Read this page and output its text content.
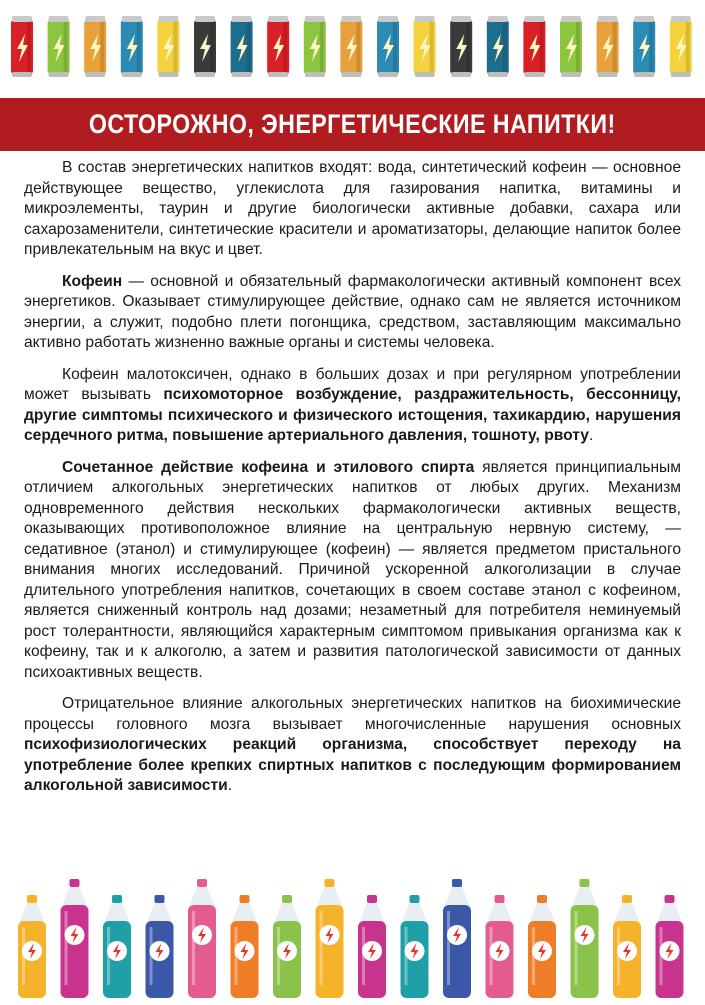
ОСТОРОЖНО, ЭНЕРГЕТИЧЕСКИЕ НАПИТКИ!

В состав энергетических напитков входят: вода, синтетический кофеин — основное действующее вещество, углекислота для газирования напитка, витамины и микроэлементы, таурин и другие биологически активные добавки, сахара или сахарозаменители, синтетические красители и ароматизаторы, делающие напиток более привлекательным на вкус и цвет.

Кофеин — основной и обязательный фармакологически активный компонент всех энергетиков. Оказывает стимулирующее действие, однако сам не является источником энергии, а служит, подобно плети погонщика, средством, заставляющим максимально активно работать жизненно важные органы и системы человека.

Кофеин малотоксичен, однако в больших дозах и при регулярном употреблении может вызывать психомоторное возбуждение, раздражительность, бессонницу, другие симптомы психического и физического истощения, тахикардию, нарушения сердечного ритма, повышение артериального давления, тошноту, рвоту.

Сочетанное действие кофеина и этилового спирта является принципиальным отличием алкогольных энергетических напитков от любых других. Механизм одновременного действия нескольких фармакологически активных веществ, оказывающих противоположное влияние на центральную нервную систему, — седативное (этанол) и стимулирующее (кофеин) — является предметом пристального внимания многих исследований. Причиной ускоренной алкоголизации в случае длительного употребления напитков, сочетающих в своем составе этанол с кофеином, является сниженный контроль над дозами; незаметный для потребителя неминуемый рост толерантности, являющийся характерным симптомом привыкания организма как к кофеину, так и к алкоголю, а затем и развития патологической зависимости от данных психоактивных веществ.

Отрицательное влияние алкогольных энергетических напитков на биохимические процессы головного мозга вызывает многочисленные нарушения основных психофизиологических реакций организма, способствует переходу на употребление более крепких спиртных напитков с последующим формированием алкогольной зависимости.
